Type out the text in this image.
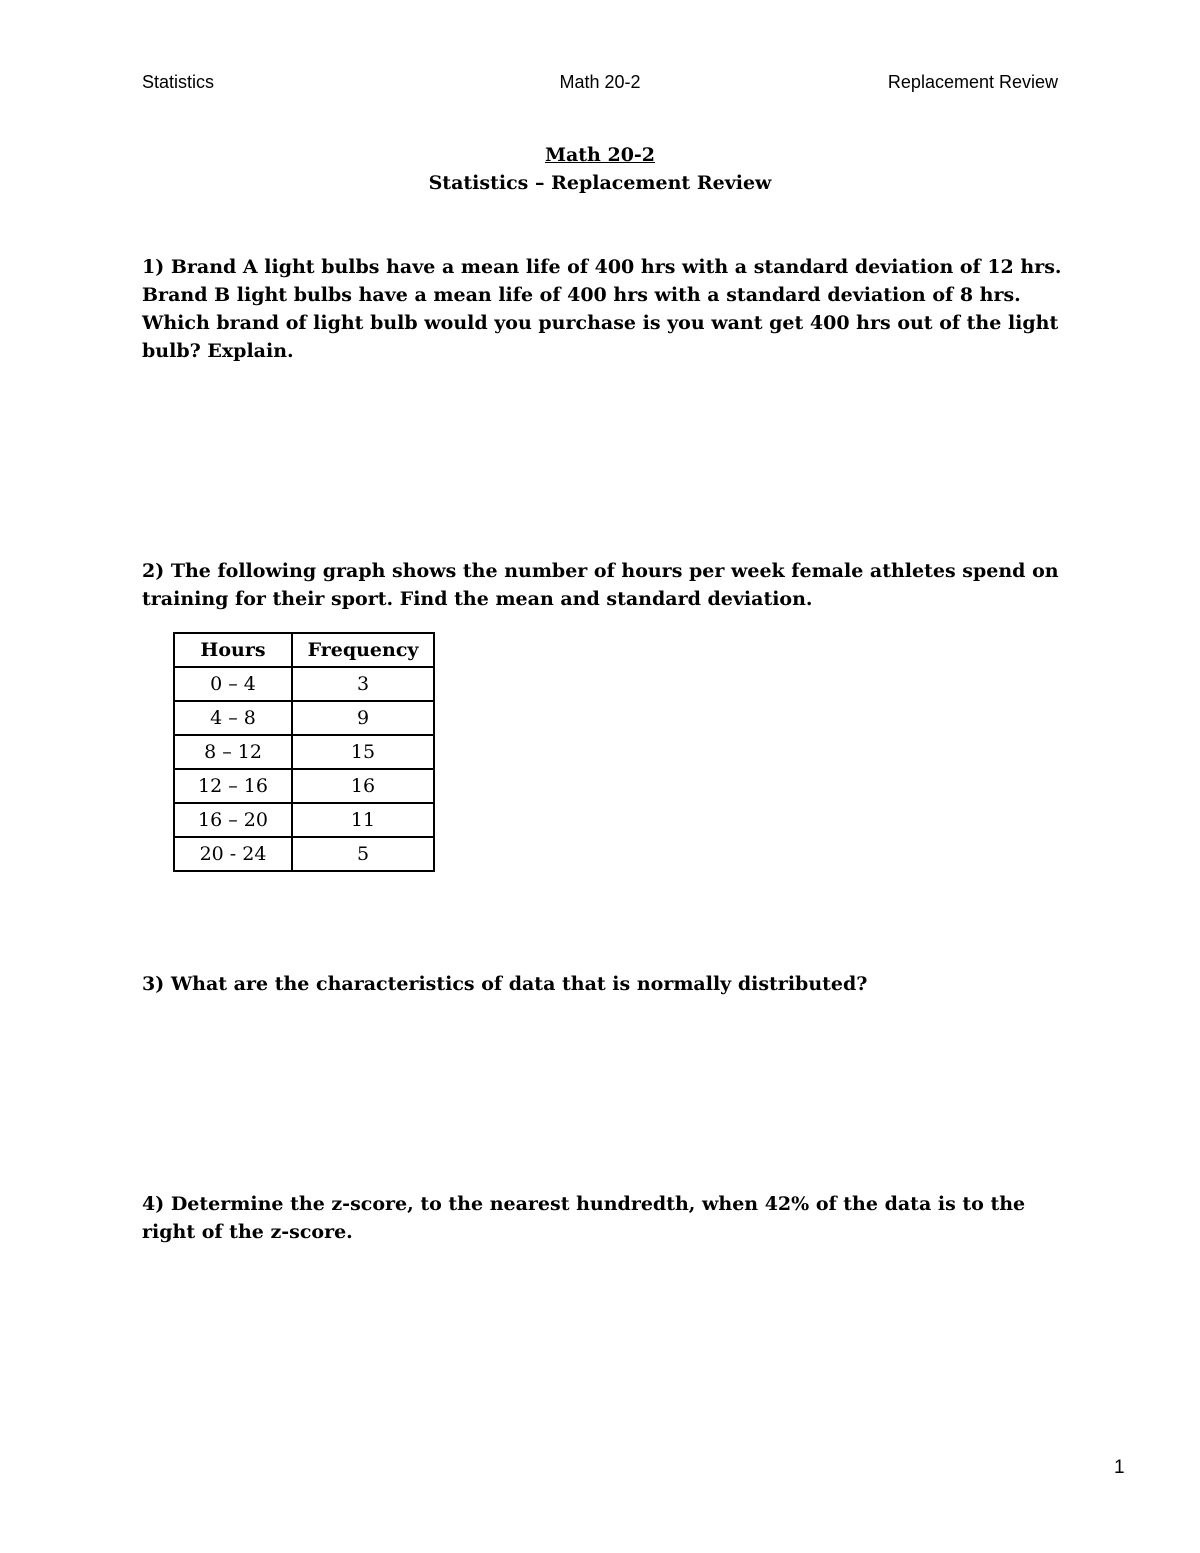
Statistics	Math 20-2	Replacement Review
Math 20-2
Statistics – Replacement Review

1) Brand A light bulbs have a mean life of 400 hrs with a standard deviation of 12 hrs. Brand B light bulbs have a mean life of 400 hrs with a standard deviation of 8 hrs. Which brand of light bulb would you purchase is you want get 400 hrs out of the light bulb? Explain.

2) The following graph shows the number of hours per week female athletes spend on training for their sport. Find the mean and standard deviation.

Hours	Frequency
0 – 4	3
4 – 8	9
8 – 12	15
12 – 16	16
16 – 20	11
20 - 24	5

3) What are the characteristics of data that is normally distributed?

4) Determine the z-score, to the nearest hundredth, when 42% of the data is to the right of the z-score.

1
